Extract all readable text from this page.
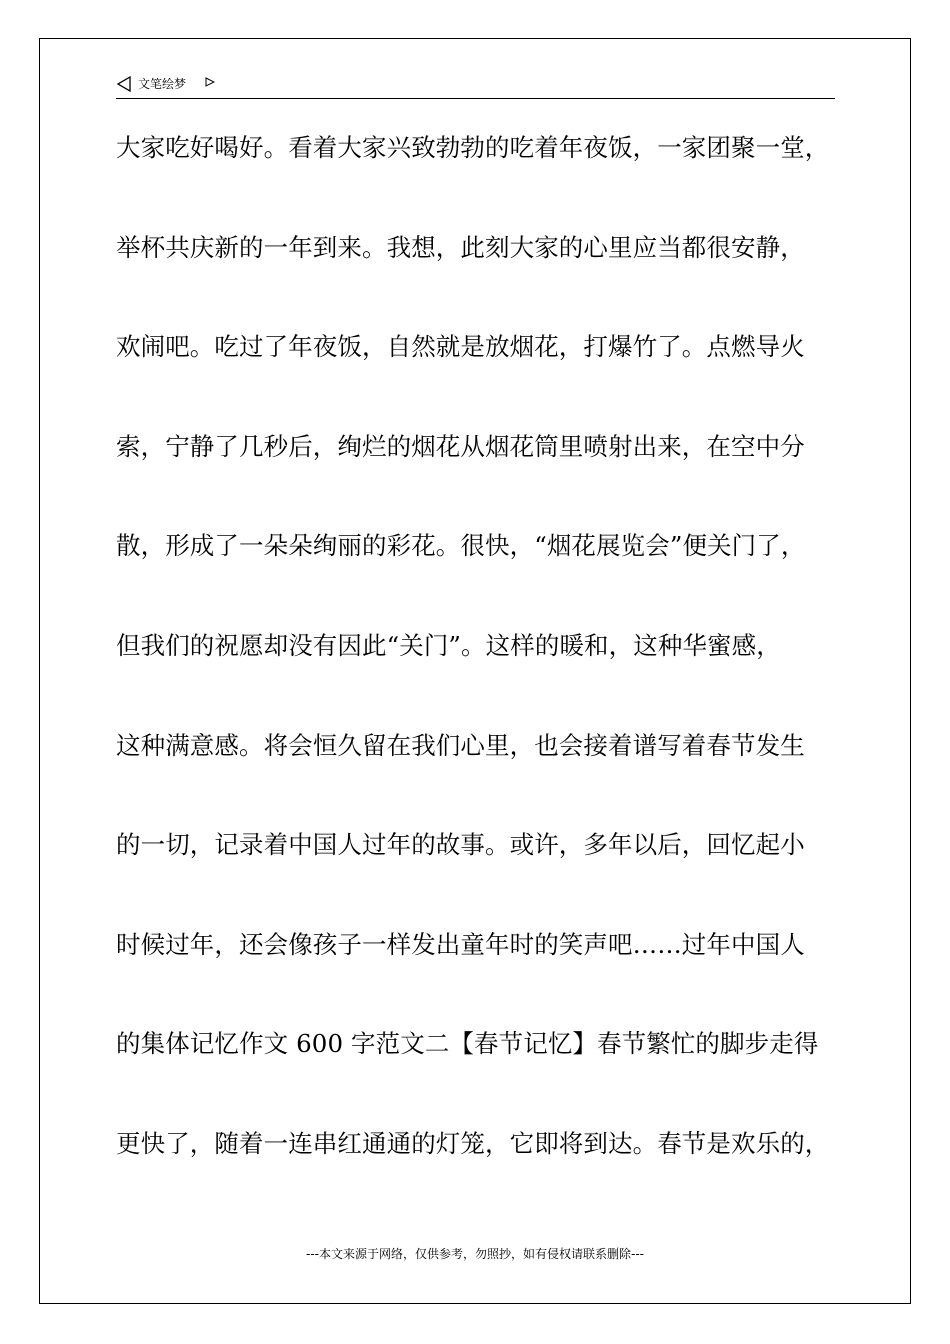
文笔绘梦
大家吃好喝好。看着大家兴致勃勃的吃着年夜饭，一家团聚一堂，
举杯共庆新的一年到来。我想，此刻大家的心里应当都很安静，
欢闹吧。吃过了年夜饭，自然就是放烟花，打爆竹了。点燃导火
索，宁静了几秒后，绚烂的烟花从烟花筒里喷射出来，在空中分
散，形成了一朵朵绚丽的彩花。很快，“烟花展览会”便关门了，
但我们的祝愿却没有因此“关门”。这样的暖和，这种华蜜感，
这种满意感。将会恒久留在我们心里，也会接着谱写着春节发生
的一切，记录着中国人过年的故事。或许，多年以后，回忆起小
时候过年，还会像孩子一样发出童年时的笑声吧……过年中国人
的集体记忆作文 600 字范文二【春节记忆】春节繁忙的脚步走得
更快了，随着一连串红通通的灯笼，它即将到达。春节是欢乐的，
---本文来源于网络，仅供参考，勿照抄，如有侵权请联系删除---
